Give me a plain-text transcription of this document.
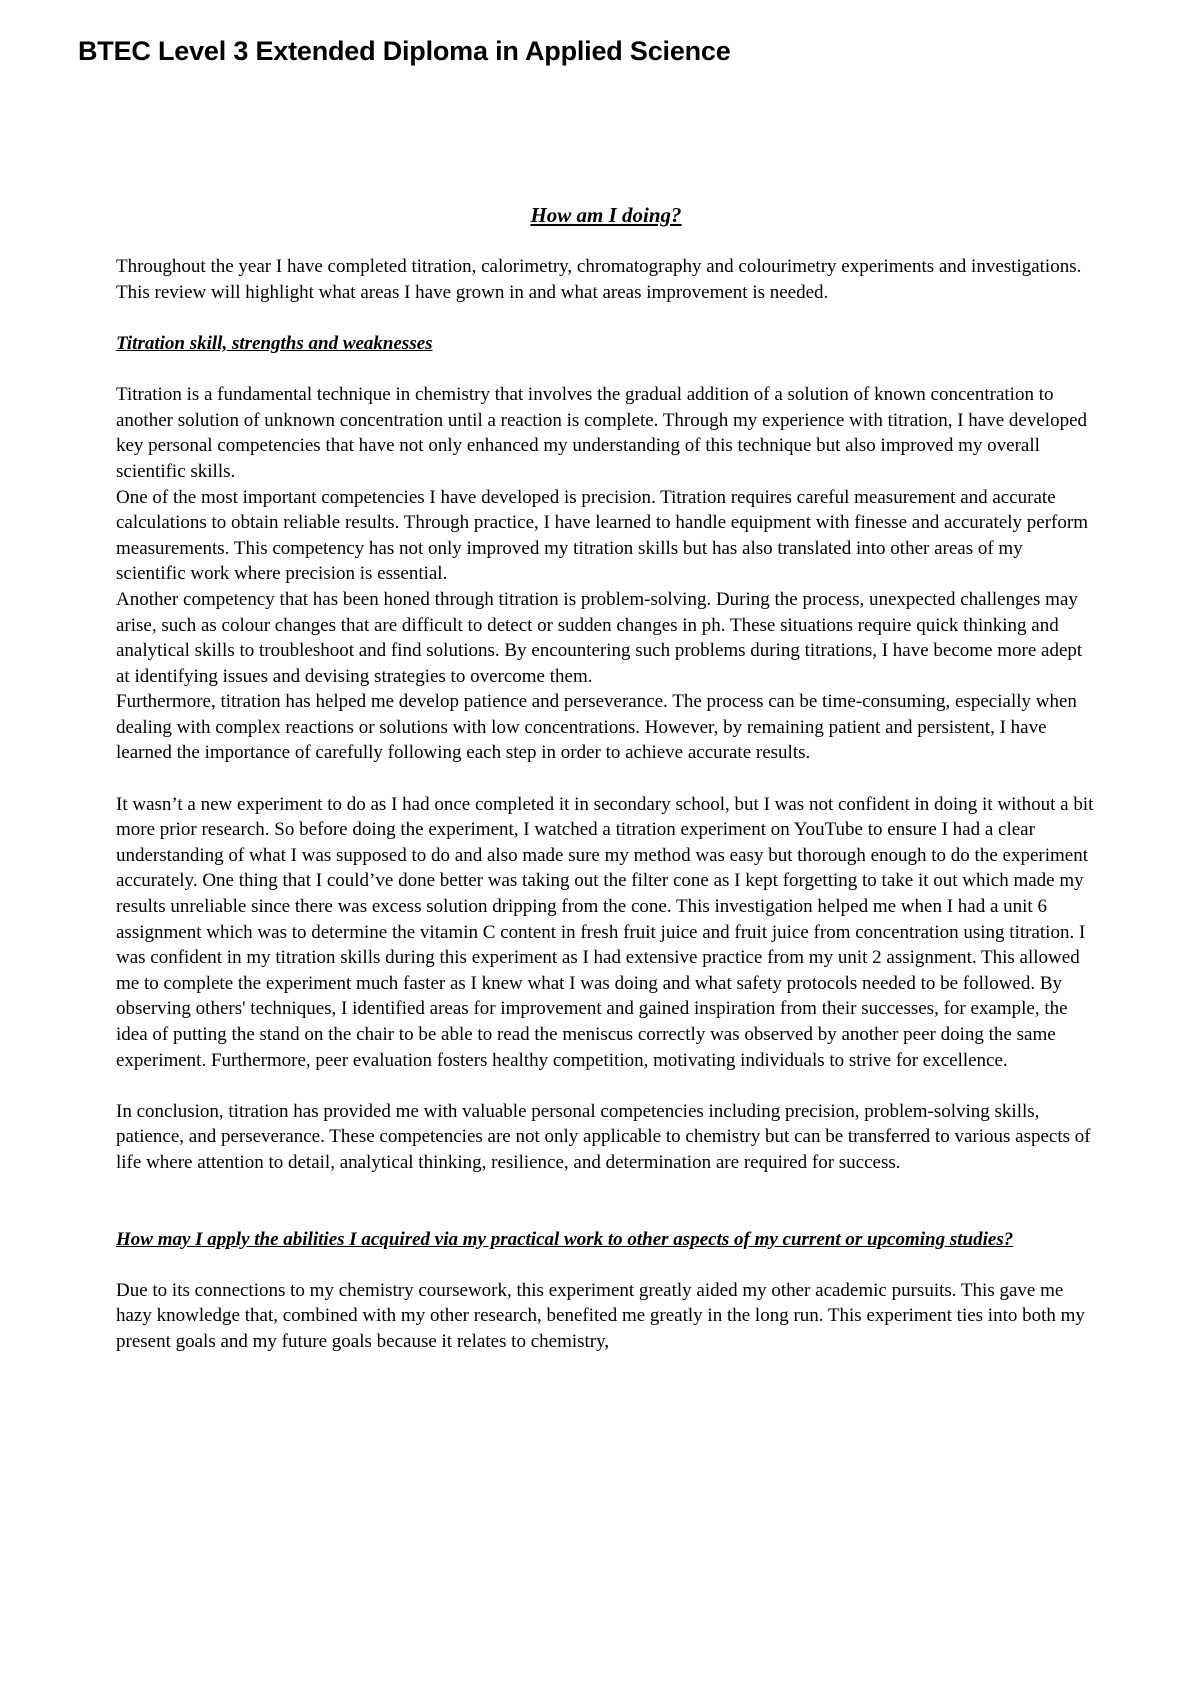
BTEC Level 3 Extended Diploma in Applied Science
How am I doing?

Throughout the year I have completed titration, calorimetry, chromatography and colourimetry experiments and investigations. This review will highlight what areas I have grown in and what areas improvement is needed.

Titration skill, strengths and weaknesses

Titration is a fundamental technique in chemistry that involves the gradual addition of a solution of known concentration to another solution of unknown concentration until a reaction is complete. Through my experience with titration, I have developed key personal competencies that have not only enhanced my understanding of this technique but also improved my overall scientific skills.

One of the most important competencies I have developed is precision. Titration requires careful measurement and accurate calculations to obtain reliable results. Through practice, I have learned to handle equipment with finesse and accurately perform measurements. This competency has not only improved my titration skills but has also translated into other areas of my scientific work where precision is essential.

Another competency that has been honed through titration is problem-solving. During the process, unexpected challenges may arise, such as colour changes that are difficult to detect or sudden changes in ph. These situations require quick thinking and analytical skills to troubleshoot and find solutions. By encountering such problems during titrations, I have become more adept at identifying issues and devising strategies to overcome them.

Furthermore, titration has helped me develop patience and perseverance. The process can be time-consuming, especially when dealing with complex reactions or solutions with low concentrations. However, by remaining patient and persistent, I have learned the importance of carefully following each step in order to achieve accurate results.

It wasn’t a new experiment to do as I had once completed it in secondary school, but I was not confident in doing it without a bit more prior research. So before doing the experiment, I watched a titration experiment on YouTube to ensure I had a clear understanding of what I was supposed to do and also made sure my method was easy but thorough enough to do the experiment accurately. One thing that I could’ve done better was taking out the filter cone as I kept forgetting to take it out which made my results unreliable since there was excess solution dripping from the cone. This investigation helped me when I had a unit 6 assignment which was to determine the vitamin C content in fresh fruit juice and fruit juice from concentration using titration. I was confident in my titration skills during this experiment as I had extensive practice from my unit 2 assignment. This allowed me to complete the experiment much faster as I knew what I was doing and what safety protocols needed to be followed. By observing others' techniques, I identified areas for improvement and gained inspiration from their successes, for example, the idea of putting the stand on the chair to be able to read the meniscus correctly was observed by another peer doing the same experiment. Furthermore, peer evaluation fosters healthy competition, motivating individuals to strive for excellence.

In conclusion, titration has provided me with valuable personal competencies including precision, problem-solving skills, patience, and perseverance. These competencies are not only applicable to chemistry but can be transferred to various aspects of life where attention to detail, analytical thinking, resilience, and determination are required for success.

How may I apply the abilities I acquired via my practical work to other aspects of my current or upcoming studies?

Due to its connections to my chemistry coursework, this experiment greatly aided my other academic pursuits. This gave me hazy knowledge that, combined with my other research, benefited me greatly in the long run. This experiment ties into both my present goals and my future goals because it relates to chemistry,
